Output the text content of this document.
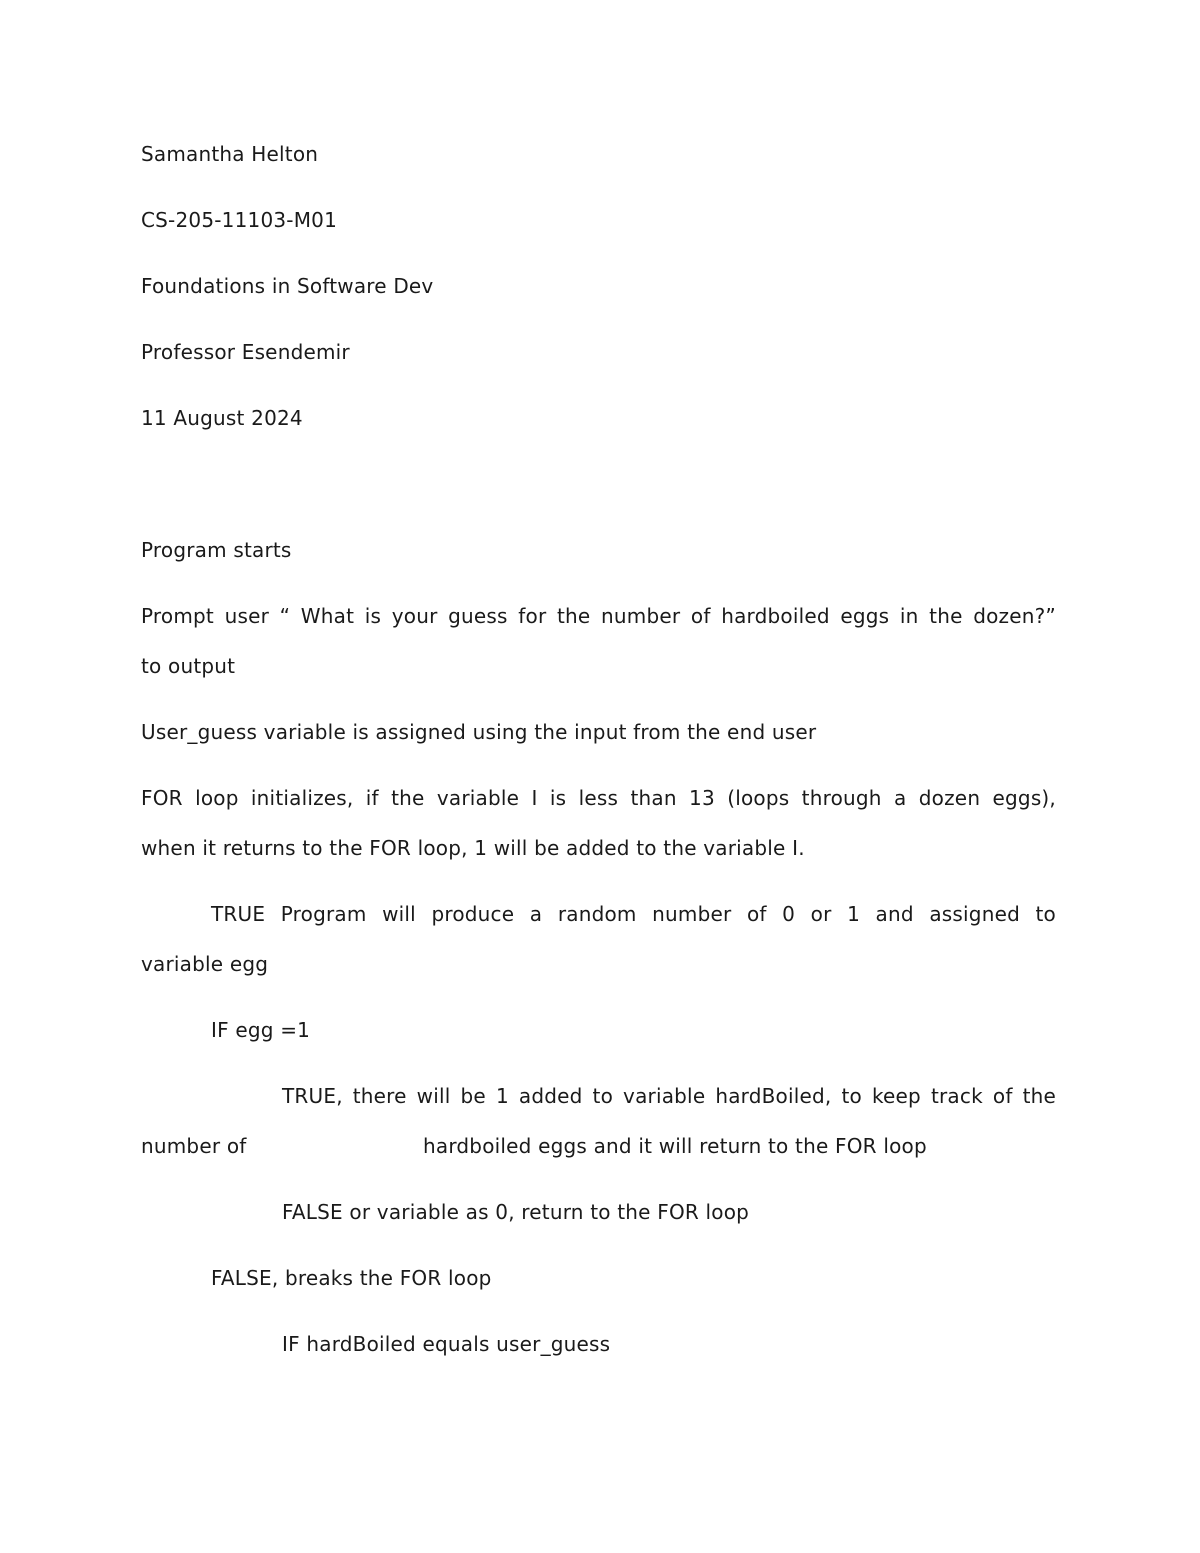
Samantha Helton
CS-205-11103-M01
Foundations in Software Dev
Professor Esendemir
11 August 2024
Program starts
Prompt user “ What is your guess for the number of hardboiled eggs in the dozen?”
to output
User_guess variable is assigned using the input from the end user
FOR loop initializes, if the variable I is less than 13 (loops through a dozen eggs),
when it returns to the FOR loop, 1 will be added to the variable I.
TRUE Program will produce a random number of 0 or 1 and assigned to
variable egg
IF egg =1
TRUE, there will be 1 added to variable hardBoiled, to keep track of the
number of	hardboiled eggs and it will return to the FOR loop
FALSE or variable as 0, return to the FOR loop
FALSE, breaks the FOR loop
IF hardBoiled equals user_guess
